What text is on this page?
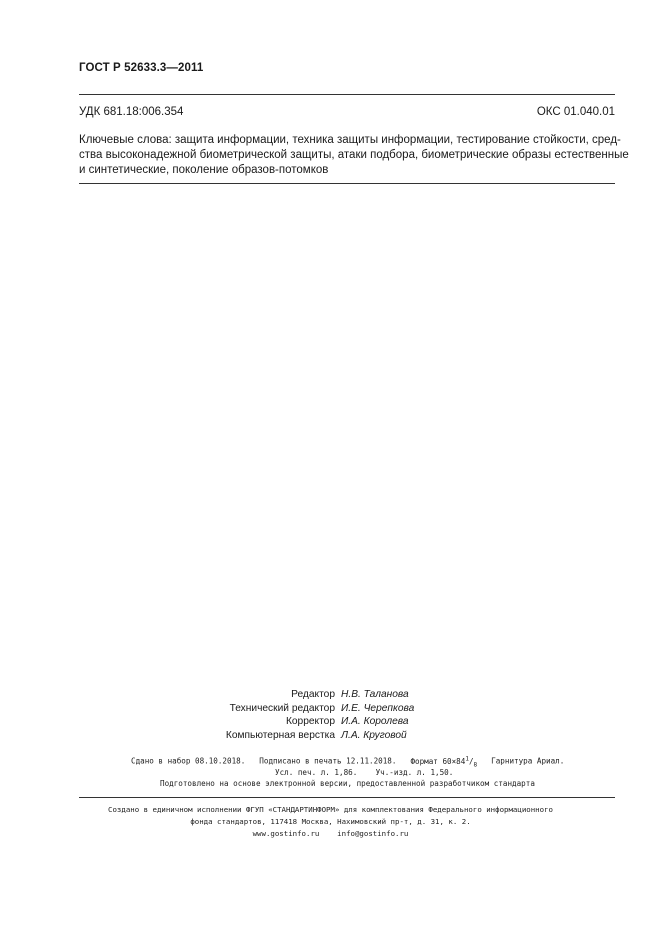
ГОСТ Р 52633.3—2011
УДК 681.18:006.354	ОКС 01.040.01
Ключевые слова: защита информации, техника защиты информации, тестирование стойкости, сред-
ства высоконадежной биометрической защиты, атаки подбора, биометрические образы естественные
и синтетические, поколение образов-потомков
Редактор Н.В. Таланова
Технический редактор И.Е. Черепкова
Корректор И.А. Королева
Компьютерная верстка Л.А. Круговой
Сдано в набор 08.10.2018. Подписано в печать 12.11.2018. Формат $60\times 84^1/_8$ Гарнитура Ариал.
Усл. печ. л. 1,86. Уч.-изд. л. 1,50.
Подготовлено на основе электронной версии, предоставленной разработчиком стандарта
Создано в единичном исполнении ФГУП «СТАНДАРТИНФОРМ» для комплектования Федерального информационного
фонда стандартов, 117418 Москва, Нахимовский пр-т, д. 31, к. 2.
www.gostinfo.ru info@gostinfo.ru
